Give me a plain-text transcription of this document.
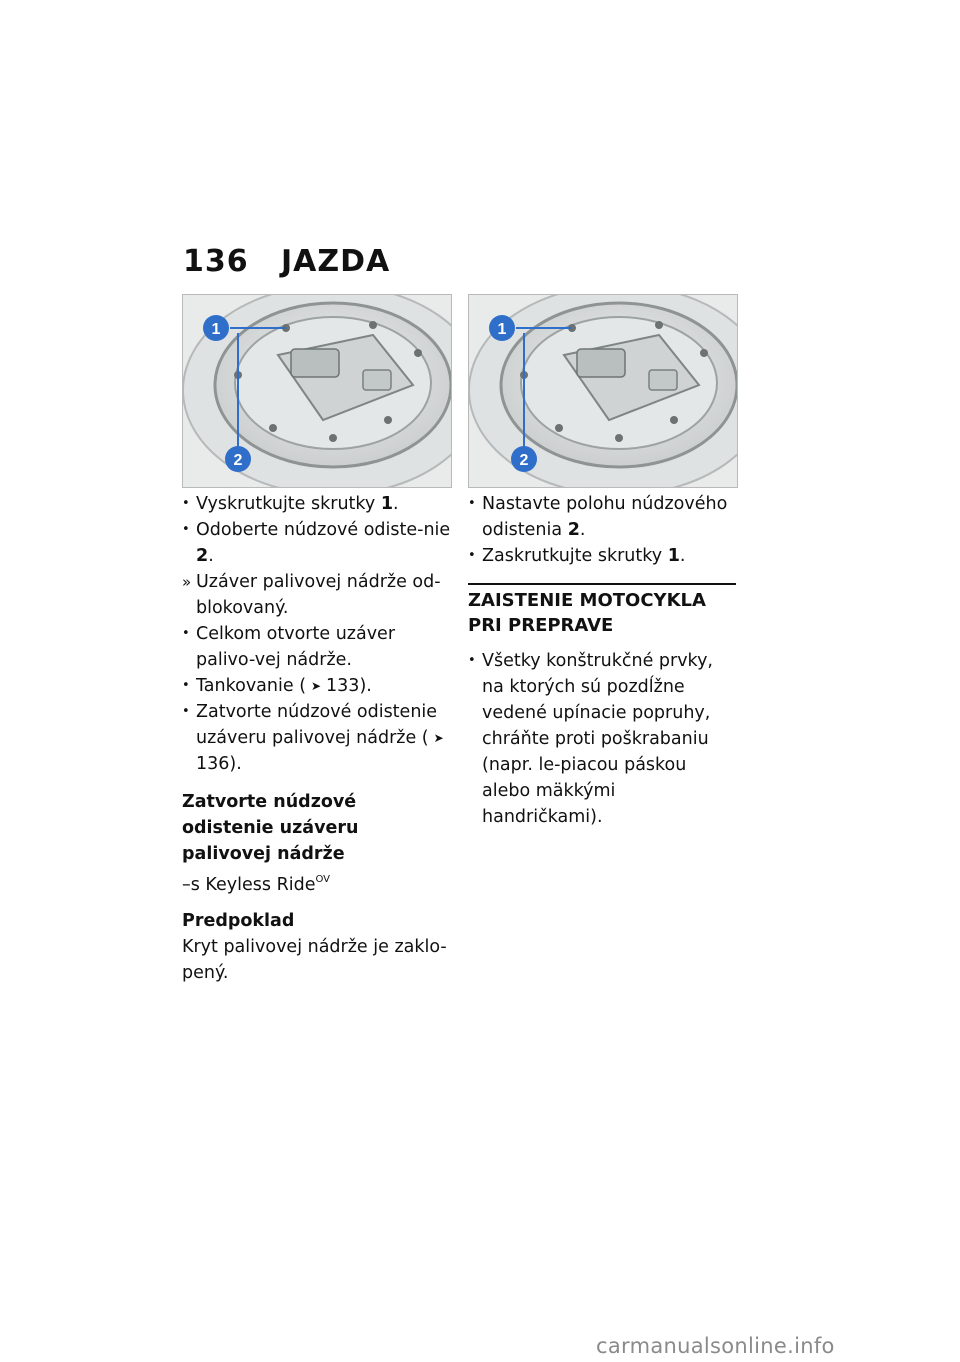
136 JAZDA
1
2
1
2
• Vyskrutkujte skrutky 1.
• Odoberte núdzové odiste-nie 2.
» Uzáver palivovej nádrže od-blokovaný.
• Celkom otvorte uzáver palivo-vej nádrže.
• Tankovanie ( ➤ 133).
• Zatvorte núdzové odistenie uzáveru palivovej nádrže ( ➤136).
Zatvorte núdzové odistenie uzáveru palivovej nádrže
–s Keyless Ride$^{OV}$
Predpoklad
Kryt palivovej nádrže je zaklo-pený.
• Nastavte polohu núdzového odistenia 2.
• Zaskrutkujte skrutky 1.
ZAISTENIE MOTOCYKLA PRI PREPRAVE
• Všetky konštrukčné prvky, na ktorých sú pozdĺžne vedené upínacie popruhy, chráňte proti poškrabaniu (napr. le-piacou páskou alebo mäkkými handričkami).
carmanualsonline.info
